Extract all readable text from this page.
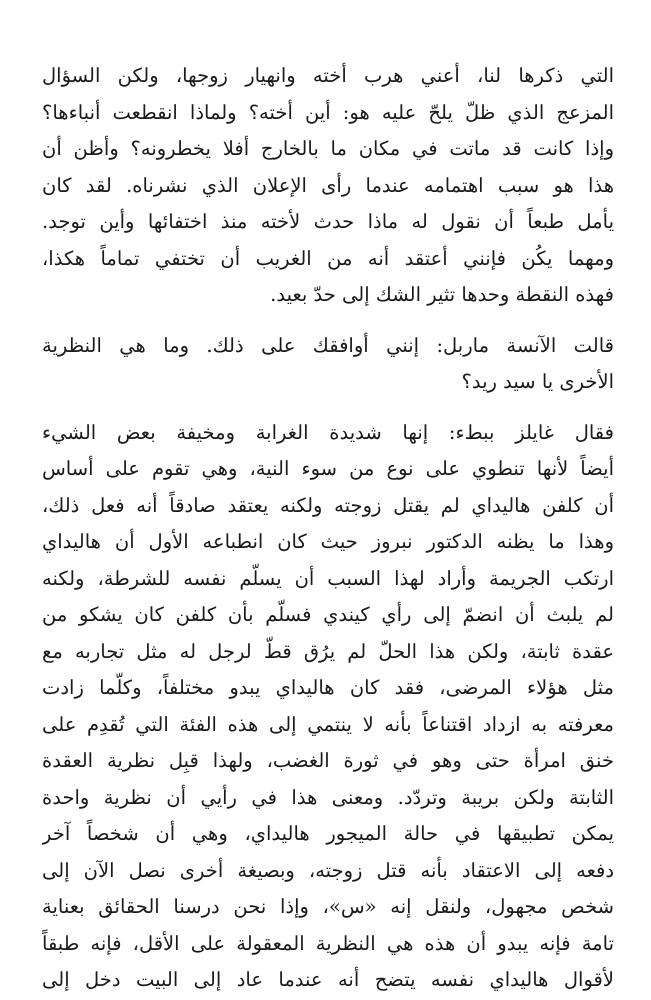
التي ذكرها لنا، أعني هرب أخته وانهيار زوجها، ولكن السؤال
المزعج الذي ظلّ يلحّ عليه هو: أين أخته؟ ولماذا انقطعت أنباءها؟
وإذا كانت قد ماتت في مكان ما بالخارج أفلا يخطرونه؟ وأظن أن
هذا هو سبب اهتمامه عندما رأى الإعلان الذي نشرناه. لقد كان
يأمل طبعاً أن نقول له ماذا حدث لأخته منذ اختفائها وأين توجد.
ومهما يكُن فإنني أعتقد أنه من الغريب أن تختفي تماماً هكذا،
فهذه النقطة وحدها تثير الشك إلى حدّ بعيد.
قالت الآنسة ماربل: إنني أوافقك على ذلك. وما هي النظرية
الأخرى يا سيد ريد؟
فقال غايلز ببطء: إنها شديدة الغرابة ومخيفة بعض الشيء
أيضاً لأنها تنطوي على نوع من سوء النية، وهي تقوم على أساس
أن كلفن هاليداي لم يقتل زوجته ولكنه يعتقد صادقاً أنه فعل ذلك،
وهذا ما يظنه الدكتور نبروز حيث كان انطباعه الأول أن هاليداي
ارتكب الجريمة وأراد لهذا السبب أن يسلّم نفسه للشرطة، ولكنه
لم يلبث أن انضمّ إلى رأي كيندي فسلّم بأن كلفن كان يشكو من
عقدة ثابتة، ولكن هذا الحلّ لم يرُق قطّ لرجل له مثل تجاربه مع
مثل هؤلاء المرضى، فقد كان هاليداي يبدو مختلفاً، وكلّما زادت
معرفته به ازداد اقتناعاً بأنه لا ينتمي إلى هذه الفئة التي تُقدِم على
خنق امرأة حتى وهو في ثورة الغضب، ولهذا قبِل نظرية العقدة
الثابتة ولكن بريبة وتردّد. ومعنى هذا في رأيي أن نظرية واحدة
يمكن تطبيقها في حالة الميجور هاليداي، وهي أن شخصاً آخر
دفعه إلى الاعتقاد بأنه قتل زوجته، وبصيغة أخرى نصل الآن إلى
شخص مجهول، ولنقل إنه «س»، وإذا نحن درسنا الحقائق بعناية
تامة فإنه يبدو أن هذه هي النظرية المعقولة على الأقل، فإنه طبقاً
لأقوال هاليداي نفسه يتضح أنه عندما عاد إلى البيت دخل إلى
